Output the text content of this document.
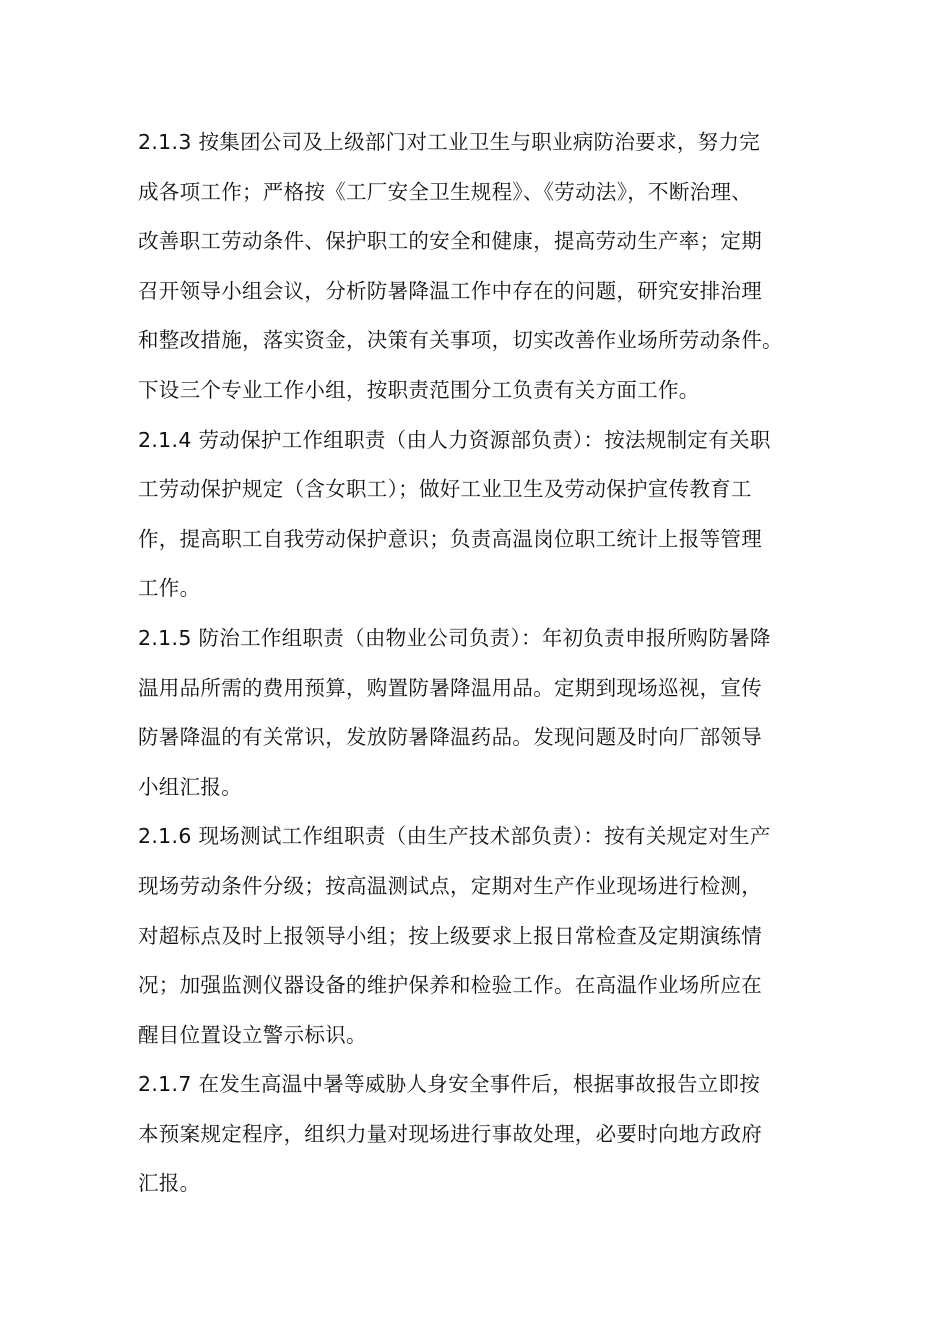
2.1.3 按集团公司及上级部门对工业卫生与职业病防治要求，努力完
成各项工作；严格按《工厂安全卫生规程》、《劳动法》，不断治理、
改善职工劳动条件、保护职工的安全和健康，提高劳动生产率；定期
召开领导小组会议，分析防暑降温工作中存在的问题，研究安排治理
和整改措施，落实资金，决策有关事项，切实改善作业场所劳动条件。
下设三个专业工作小组，按职责范围分工负责有关方面工作。
2.1.4 劳动保护工作组职责（由人力资源部负责）：按法规制定有关职
工劳动保护规定（含女职工）；做好工业卫生及劳动保护宣传教育工
作，提高职工自我劳动保护意识；负责高温岗位职工统计上报等管理
工作。
2.1.5 防治工作组职责（由物业公司负责）：年初负责申报所购防暑降
温用品所需的费用预算，购置防暑降温用品。定期到现场巡视，宣传
防暑降温的有关常识，发放防暑降温药品。发现问题及时向厂部领导
小组汇报。
2.1.6 现场测试工作组职责（由生产技术部负责）：按有关规定对生产
现场劳动条件分级；按高温测试点，定期对生产作业现场进行检测，
对超标点及时上报领导小组；按上级要求上报日常检查及定期演练情
况；加强监测仪器设备的维护保养和检验工作。在高温作业场所应在
醒目位置设立警示标识。
2.1.7 在发生高温中暑等威胁人身安全事件后，根据事故报告立即按
本预案规定程序，组织力量对现场进行事故处理，必要时向地方政府
汇报。
